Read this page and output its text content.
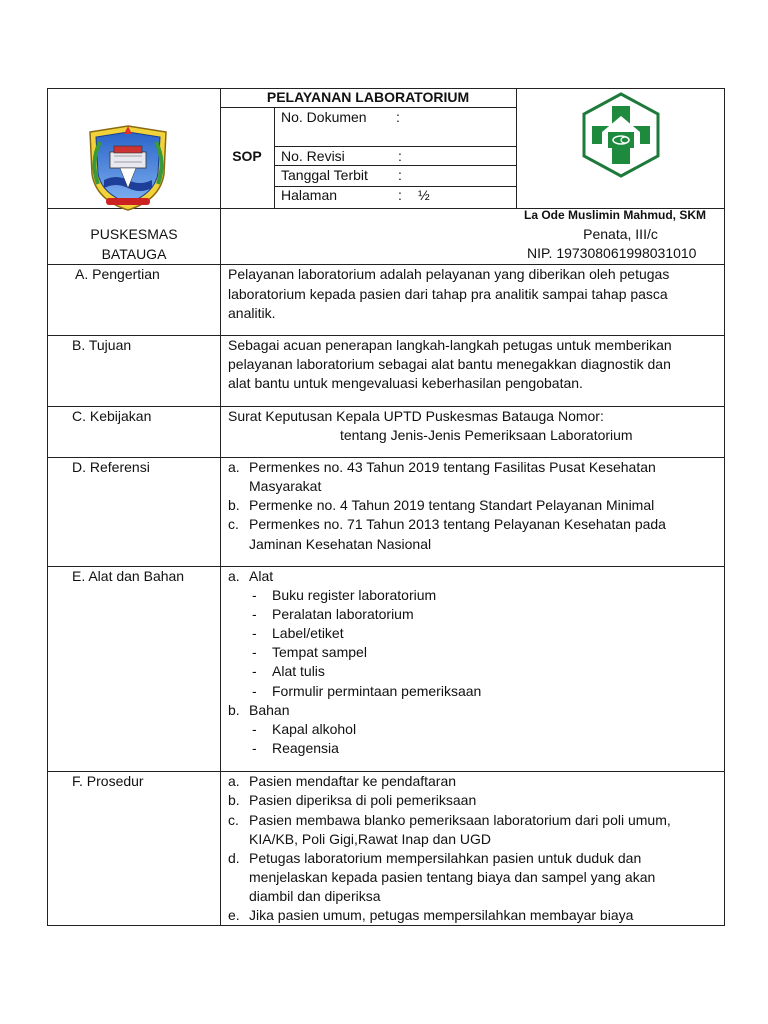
PELAYANAN LABORATORIUM
SOP
No. Dokumen :
No. Revisi	:
Tanggal Terbit :
Halaman	: ½
PUSKESMAS
BATAUGA
La Ode Muslimin Mahmud, SKM
Penata, III/c
NIP. 197308061998031010
A. Pengertian	Pelayanan laboratorium adalah pelayanan yang diberikan oleh petugas
laboratorium kepada pasien dari tahap pra analitik sampai tahap pasca
analitik.
B. Tujuan	Sebagai acuan penerapan langkah-langkah petugas untuk memberikan
pelayanan laboratorium sebagai alat bantu menegakkan diagnostik dan
alat bantu untuk mengevaluasi keberhasilan pengobatan.
C. Kebijakan	Surat Keputusan Kepala UPTD Puskesmas Batauga Nomor:
tentang Jenis-Jenis Pemeriksaan Laboratorium
D. Referensi	a. Permenkes no. 43 Tahun 2019 tentang Fasilitas Pusat Kesehatan
Masyarakat
b. Permenke no. 4 Tahun 2019 tentang Standart Pelayanan Minimal
c. Permenkes no. 71 Tahun 2013 tentang Pelayanan Kesehatan pada
Jaminan Kesehatan Nasional
E. Alat dan Bahan	a. Alat
- Buku register laboratorium
- Peralatan laboratorium
- Label/etiket
- Tempat sampel
- Alat tulis
- Formulir permintaan pemeriksaan
b. Bahan
- Kapal alkohol
- Reagensia
F. Prosedur	a. Pasien mendaftar ke pendaftaran
b. Pasien diperiksa di poli pemeriksaan
c. Pasien membawa blanko pemeriksaan laboratorium dari poli umum,
KIA/KB, Poli Gigi,Rawat Inap dan UGD
d. Petugas laboratorium mempersilahkan pasien untuk duduk dan
menjelaskan kepada pasien tentang biaya dan sampel yang akan
diambil dan diperiksa
e. Jika pasien umum, petugas mempersilahkan membayar biaya
